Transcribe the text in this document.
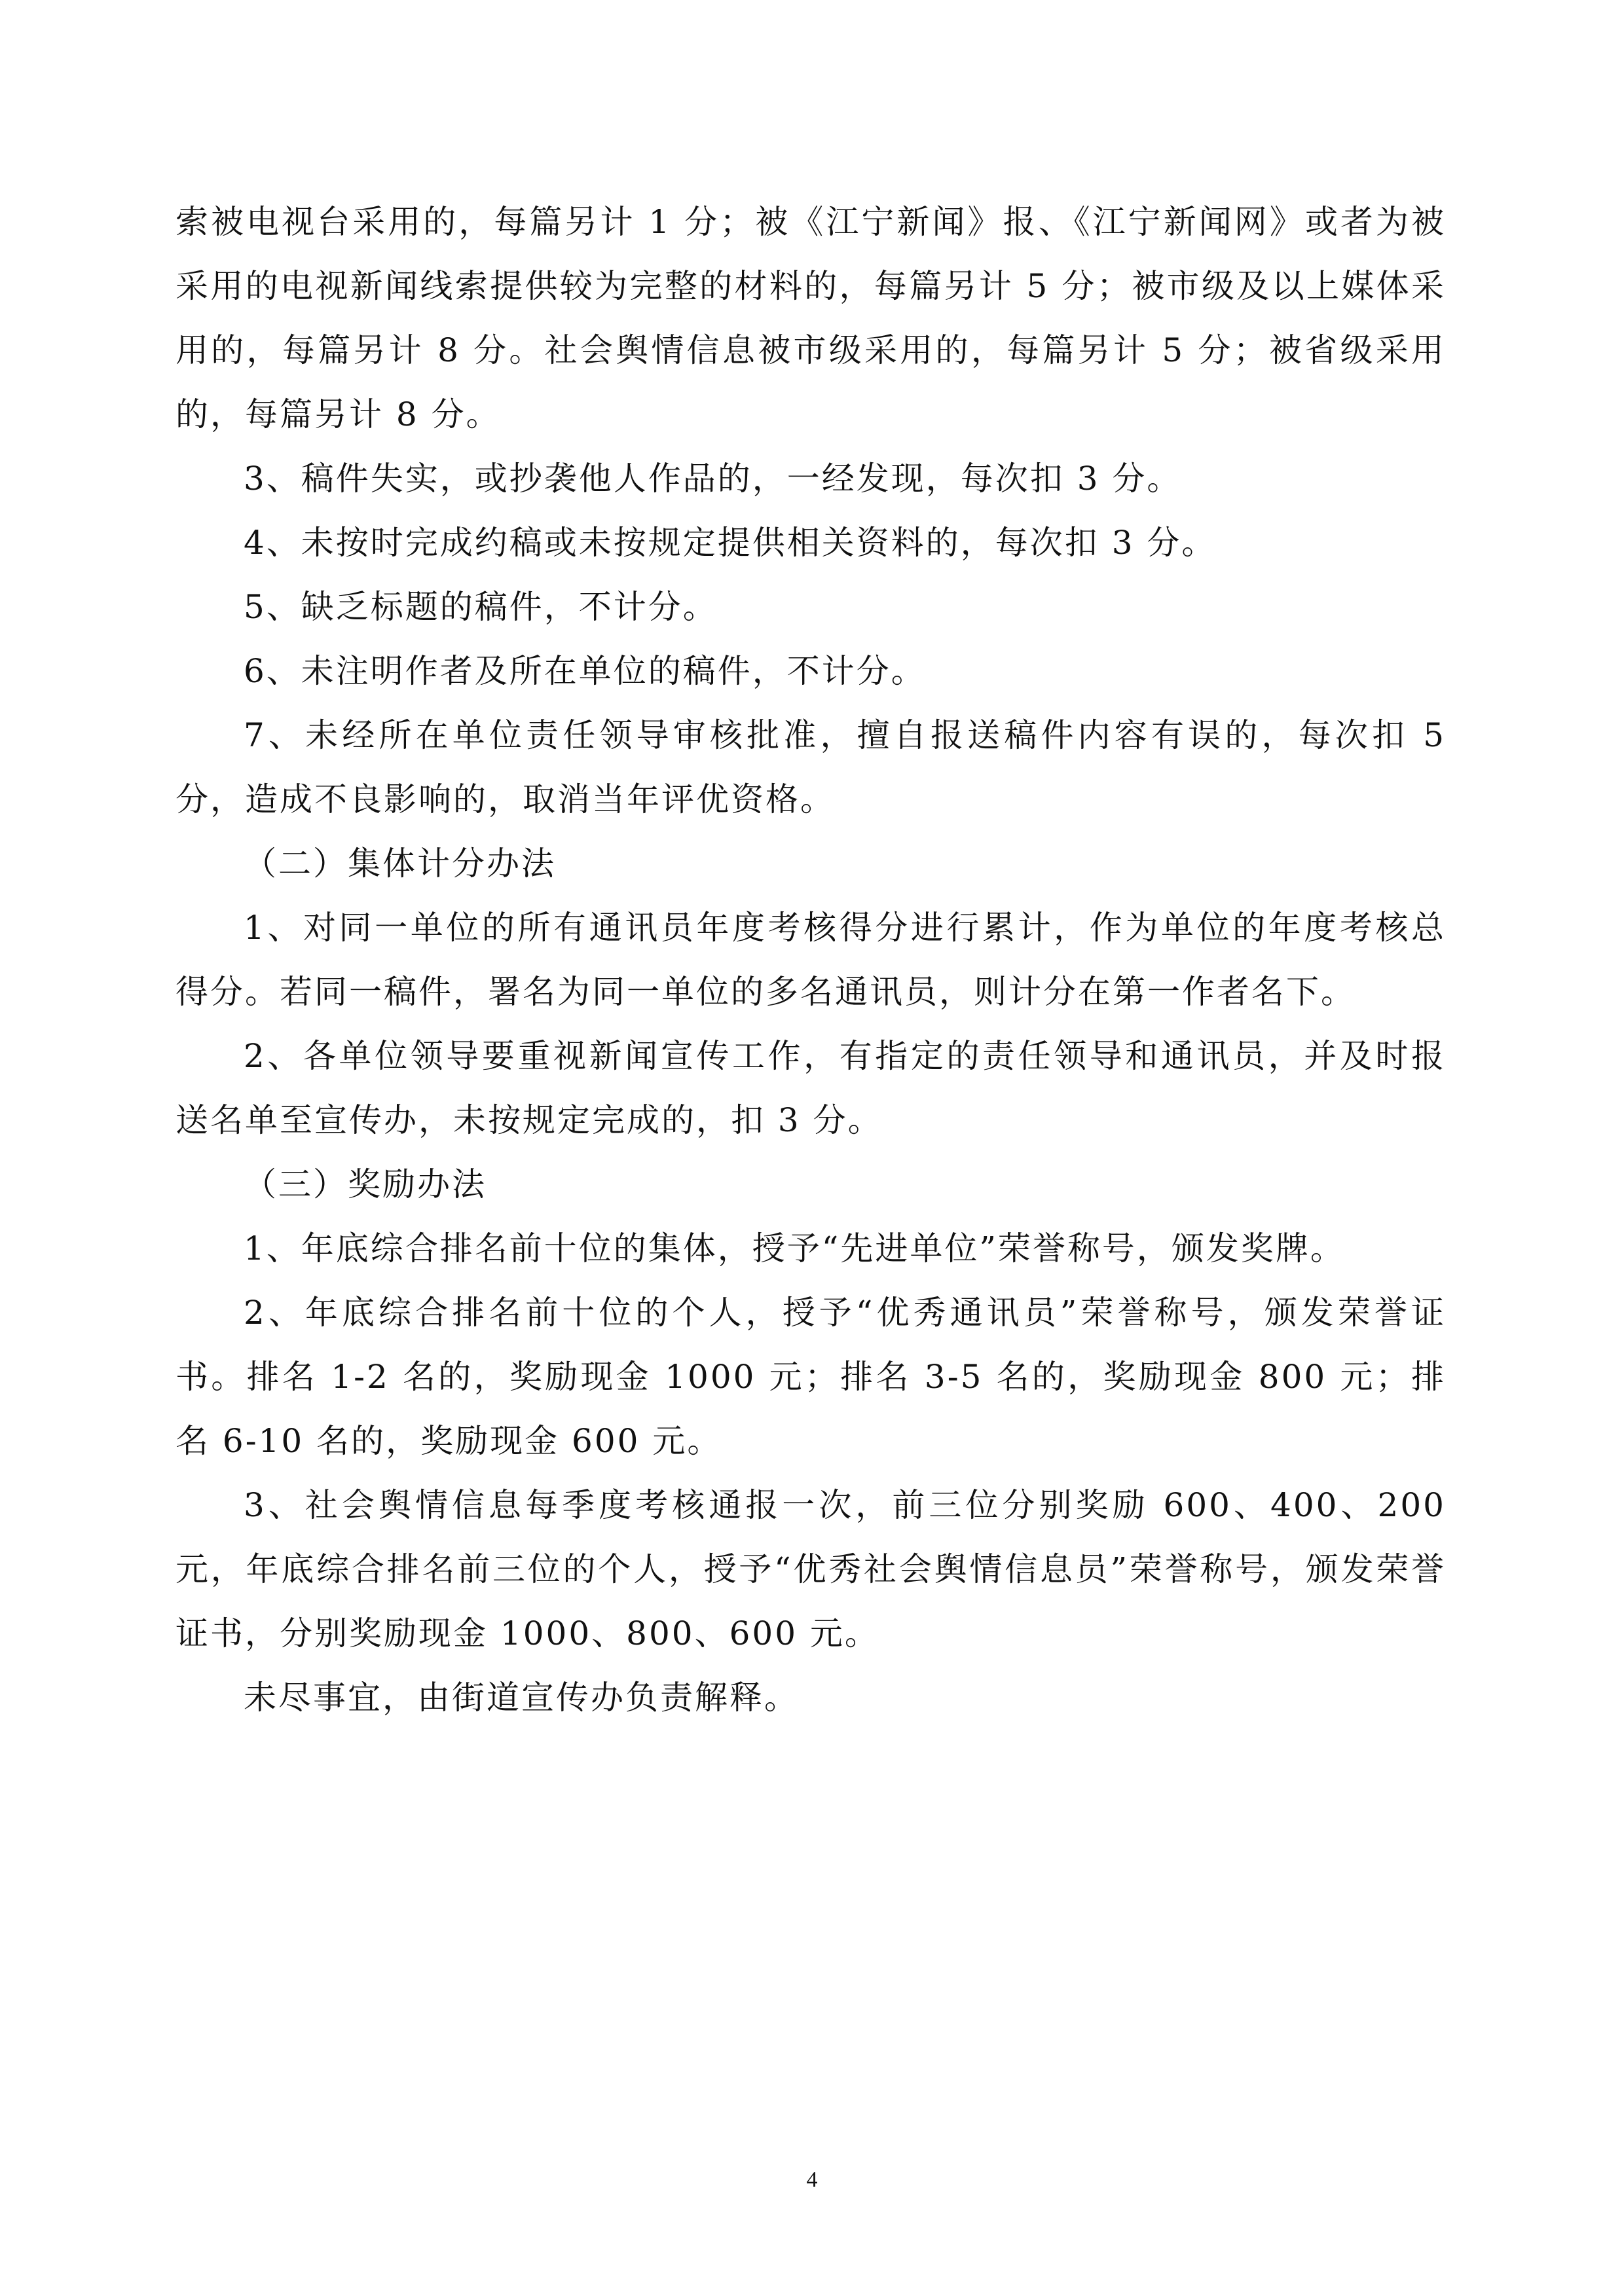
索被电视台采用的，每篇另计 1 分；被《江宁新闻》报、《江宁新闻网》或者为被采用的电视新闻线索提供较为完整的材料的，每篇另计 5 分；被市级及以上媒体采用的，每篇另计 8 分。社会舆情信息被市级采用的，每篇另计 5 分；被省级采用的，每篇另计 8 分。

3、稿件失实，或抄袭他人作品的，一经发现，每次扣 3 分。

4、未按时完成约稿或未按规定提供相关资料的，每次扣 3 分。

5、缺乏标题的稿件，不计分。

6、未注明作者及所在单位的稿件，不计分。

7、未经所在单位责任领导审核批准，擅自报送稿件内容有误的，每次扣 5 分，造成不良影响的，取消当年评优资格。

（二）集体计分办法

1、对同一单位的所有通讯员年度考核得分进行累计，作为单位的年度考核总得分。若同一稿件，署名为同一单位的多名通讯员，则计分在第一作者名下。

2、各单位领导要重视新闻宣传工作，有指定的责任领导和通讯员，并及时报送名单至宣传办，未按规定完成的，扣 3 分。

（三）奖励办法

1、年底综合排名前十位的集体，授予“先进单位”荣誉称号，颁发奖牌。

2、年底综合排名前十位的个人，授予“优秀通讯员”荣誉称号，颁发荣誉证书。排名 1-2 名的，奖励现金 1000 元；排名 3-5 名的，奖励现金 800 元；排名 6-10 名的，奖励现金 600 元。

3、社会舆情信息每季度考核通报一次，前三位分别奖励 600、400、200 元，年底综合排名前三位的个人，授予“优秀社会舆情信息员”荣誉称号，颁发荣誉证书，分别奖励现金 1000、800、600 元。

未尽事宜，由街道宣传办负责解释。

4
